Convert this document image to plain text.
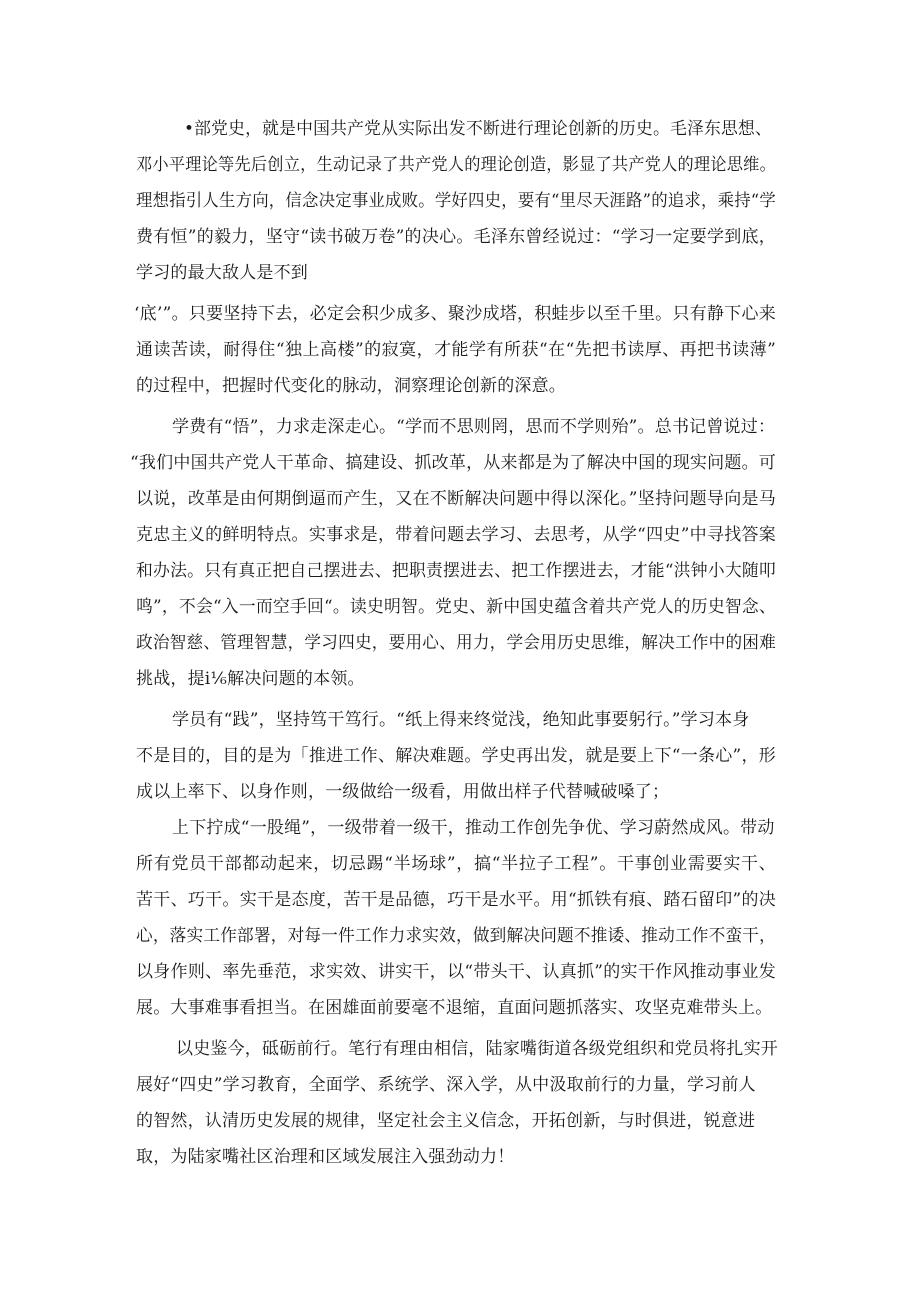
•部党史，就是中国共产党从实际出发不断进行理论创新的历史。毛泽东思想、
邓小平理论等先后创立，生动记录了共产党人的理论创造，影显了共产党人的理论思维。
理想指引人生方向，信念决定事业成败。学好四史，要有“里尽天涯路”的追求，乘持“学
费有恒”的毅力，坚守“读书破万卷”的决心。毛泽东曾经说过：“学习一定要学到底，
学习的最大敌人是不到
‘底’”。只要坚持下去，必定会积少成多、聚沙成塔，积蛙步以至千里。只有静下心来
通读苦读，耐得住“独上高楼”的寂寞，才能学有所获“在“先把书读厚、再把书读薄”
的过程中，把握时代变化的脉动，洞察理论创新的深意。
学费有“悟”，力求走深走心。“学而不思则罔，思而不学则殆”。总书记曾说过：
“我们中国共产党人干革命、搞建设、抓改革，从来都是为了解决中国的现实问题。可
以说，改革是由何期倒逼而产生，又在不断解决问题中得以深化。”坚持问题导向是马
克忠主义的鲜明特点。实事求是，带着问题去学习、去思考，从学“四史”中寻找答案
和办法。只有真正把自己摆进去、把职责摆进去、把工作摆进去，才能“洪钟小大随叩
鸣”，不会“入一而空手回“。读史明智。党史、新中国史蕴含着共产党人的历史智念、
政治智慈、管理智慧，学习四史，要用心、用力，学会用历史思维，解决工作中的困难
挑战，提i⅙解决问题的本领。
学员有“践”，坚持笃干笃行。“纸上得来终觉浅，绝知此事要躬行。”学习本身
不是目的，目的是为「推进工作、解决难题。学史再出发，就是要上下“一条心”，形
成以上率下、以身作则，一级做给一级看，用做出样子代替喊破嗓了；
上下拧成“一股绳”，一级带着一级干，推动工作创先争优、学习蔚然成风。带动
所有党员干部都动起来，切忌踢“半场球”，搞“半拉子工程”。干事创业需要实干、
苦干、巧干。实干是态度，苦干是品德，巧干是水平。用“抓铁有痕、踏石留印”的决
心，落实工作部署，对每一件工作力求实效，做到解决问题不推诿、推动工作不蛮干，
以身作则、率先垂范，求实效、讲实干，以“带头干、认真抓”的实干作风推动事业发
展。大事难事看担当。在困雄面前要毫不退缩，直面问题抓落实、攻坚克难带头上。
以史鉴今，砥砺前行。笔行有理由相信，陆家嘴街道各级党组织和党员将扎实开
展好“四史”学习教育，全面学、系统学、深入学，从中汲取前行的力量，学习前人
的智然，认清历史发展的规律，坚定社会主义信念，开拓创新，与时俱进，锐意进
取，为陆家嘴社区治理和区域发展注入强劲动力！
